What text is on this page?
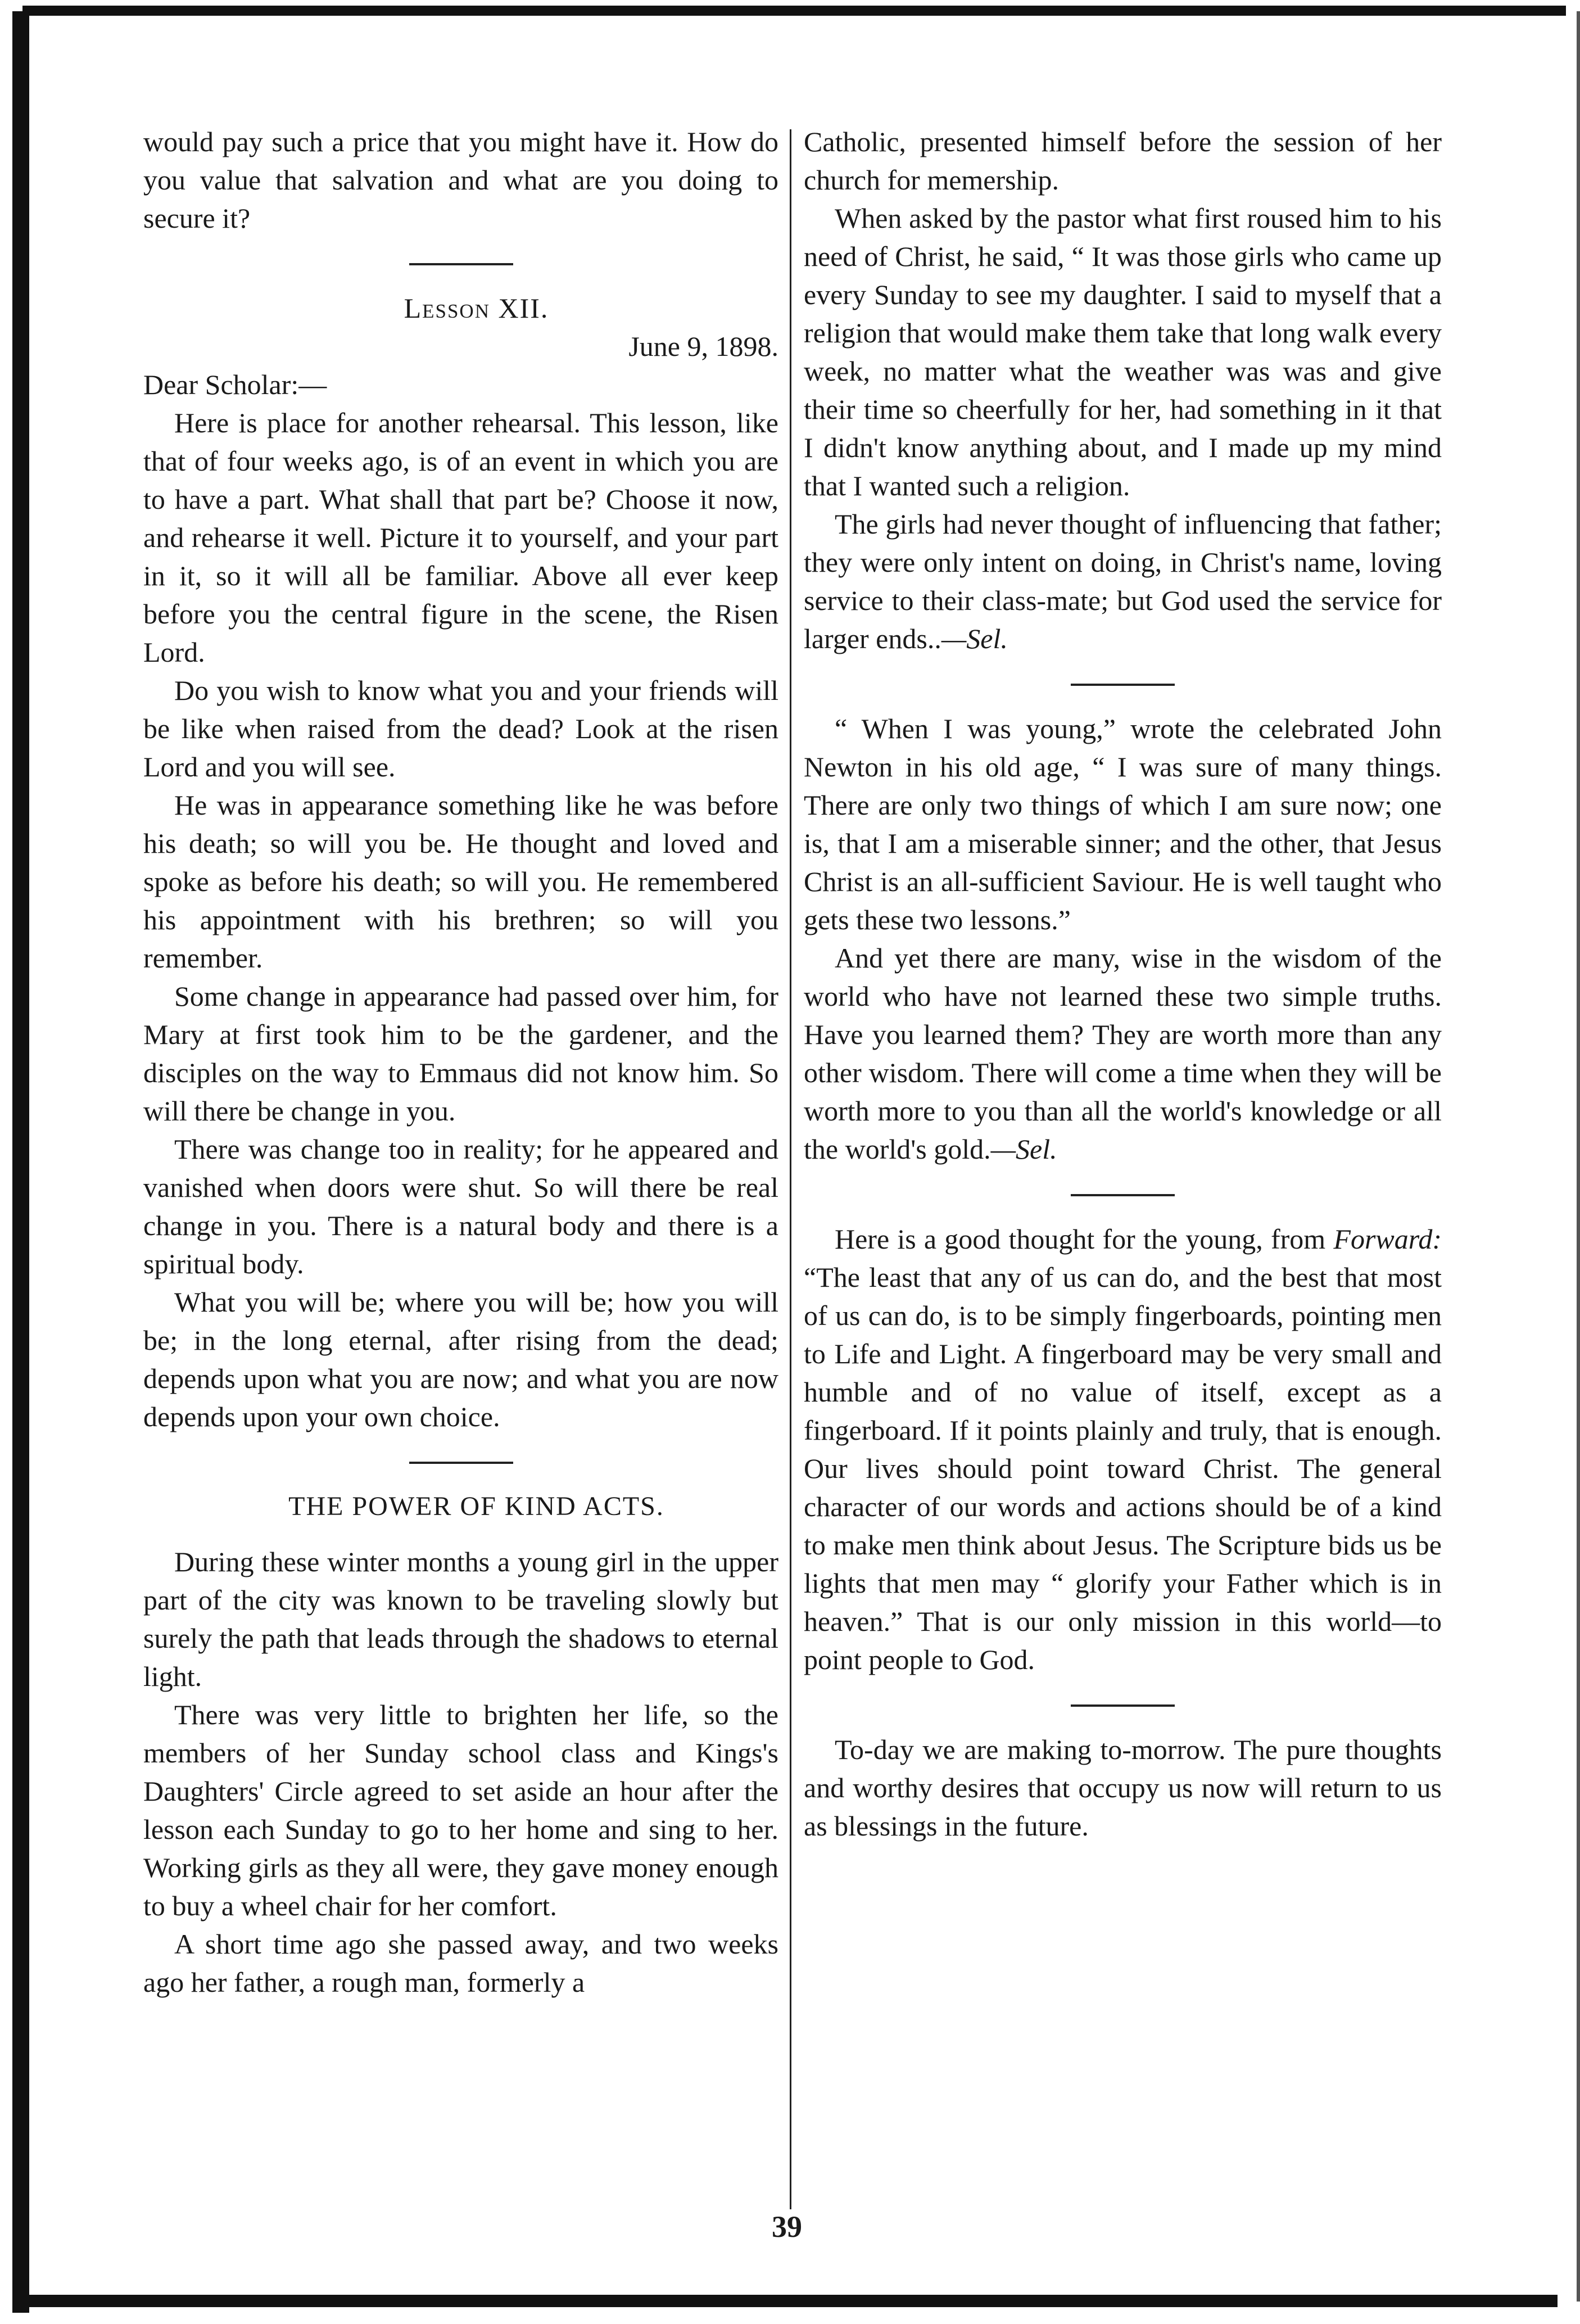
would pay such a price that you might have it. How do you value that salvation and what are you doing to secure it?

Lesson XII.

June 9, 1898.

Dear Scholar:—

Here is place for another rehearsal. This lesson, like that of four weeks ago, is of an event in which you are to have a part. What shall that part be? Choose it now, and rehearse it well. Picture it to yourself, and your part in it, so it will all be familiar. Above all ever keep before you the central figure in the scene, the Risen Lord.

Do you wish to know what you and your friends will be like when raised from the dead? Look at the risen Lord and you will see.

He was in appearance something like he was before his death; so will you be. He thought and loved and spoke as before his death; so will you. He remembered his appointment with his brethren; so will you remember.

Some change in appearance had passed over him, for Mary at first took him to be the gardener, and the disciples on the way to Emmaus did not know him. So will there be change in you.

There was change too in reality; for he appeared and vanished when doors were shut. So will there be real change in you. There is a natural body and there is a spiritual body.

What you will be; where you will be; how you will be; in the long eternal, after rising from the dead; depends upon what you are now; and what you are now depends upon your own choice.

THE POWER OF KIND ACTS.

During these winter months a young girl in the upper part of the city was known to be traveling slowly but surely the path that leads through the shadows to eternal light.

There was very little to brighten her life, so the members of her Sunday school class and Kings's Daughters' Circle agreed to set aside an hour after the lesson each Sunday to go to her home and sing to her. Working girls as they all were, they gave money enough to buy a wheel chair for her comfort.

A short time ago she passed away, and two weeks ago her father, a rough man, formerly a

Catholic, presented himself before the session of her church for memership.

When asked by the pastor what first roused him to his need of Christ, he said, “ It was those girls who came up every Sunday to see my daughter. I said to myself that a religion that would make them take that long walk every week, no matter what the weather was was and give their time so cheerfully for her, had something in it that I didn't know anything about, and I made up my mind that I wanted such a religion.

The girls had never thought of influencing that father; they were only intent on doing, in Christ's name, loving service to their class-mate; but God used the service for larger ends..—Sel.

“ When I was young,” wrote the celebrated John Newton in his old age, “ I was sure of many things. There are only two things of which I am sure now; one is, that I am a miserable sinner; and the other, that Jesus Christ is an all-sufficient Saviour. He is well taught who gets these two lessons.”

And yet there are many, wise in the wisdom of the world who have not learned these two simple truths. Have you learned them? They are worth more than any other wisdom. There will come a time when they will be worth more to you than all the world's knowledge or all the world's gold.—Sel.

Here is a good thought for the young, from Forward: “The least that any of us can do, and the best that most of us can do, is to be simply fingerboards, pointing men to Life and Light. A fingerboard may be very small and humble and of no value of itself, except as a fingerboard. If it points plainly and truly, that is enough. Our lives should point toward Christ. The general character of our words and actions should be of a kind to make men think about Jesus. The Scripture bids us be lights that men may “ glorify your Father which is in heaven.” That is our only mission in this world—to point people to God.

To-day we are making to-morrow. The pure thoughts and worthy desires that occupy us now will return to us as blessings in the future.

39
